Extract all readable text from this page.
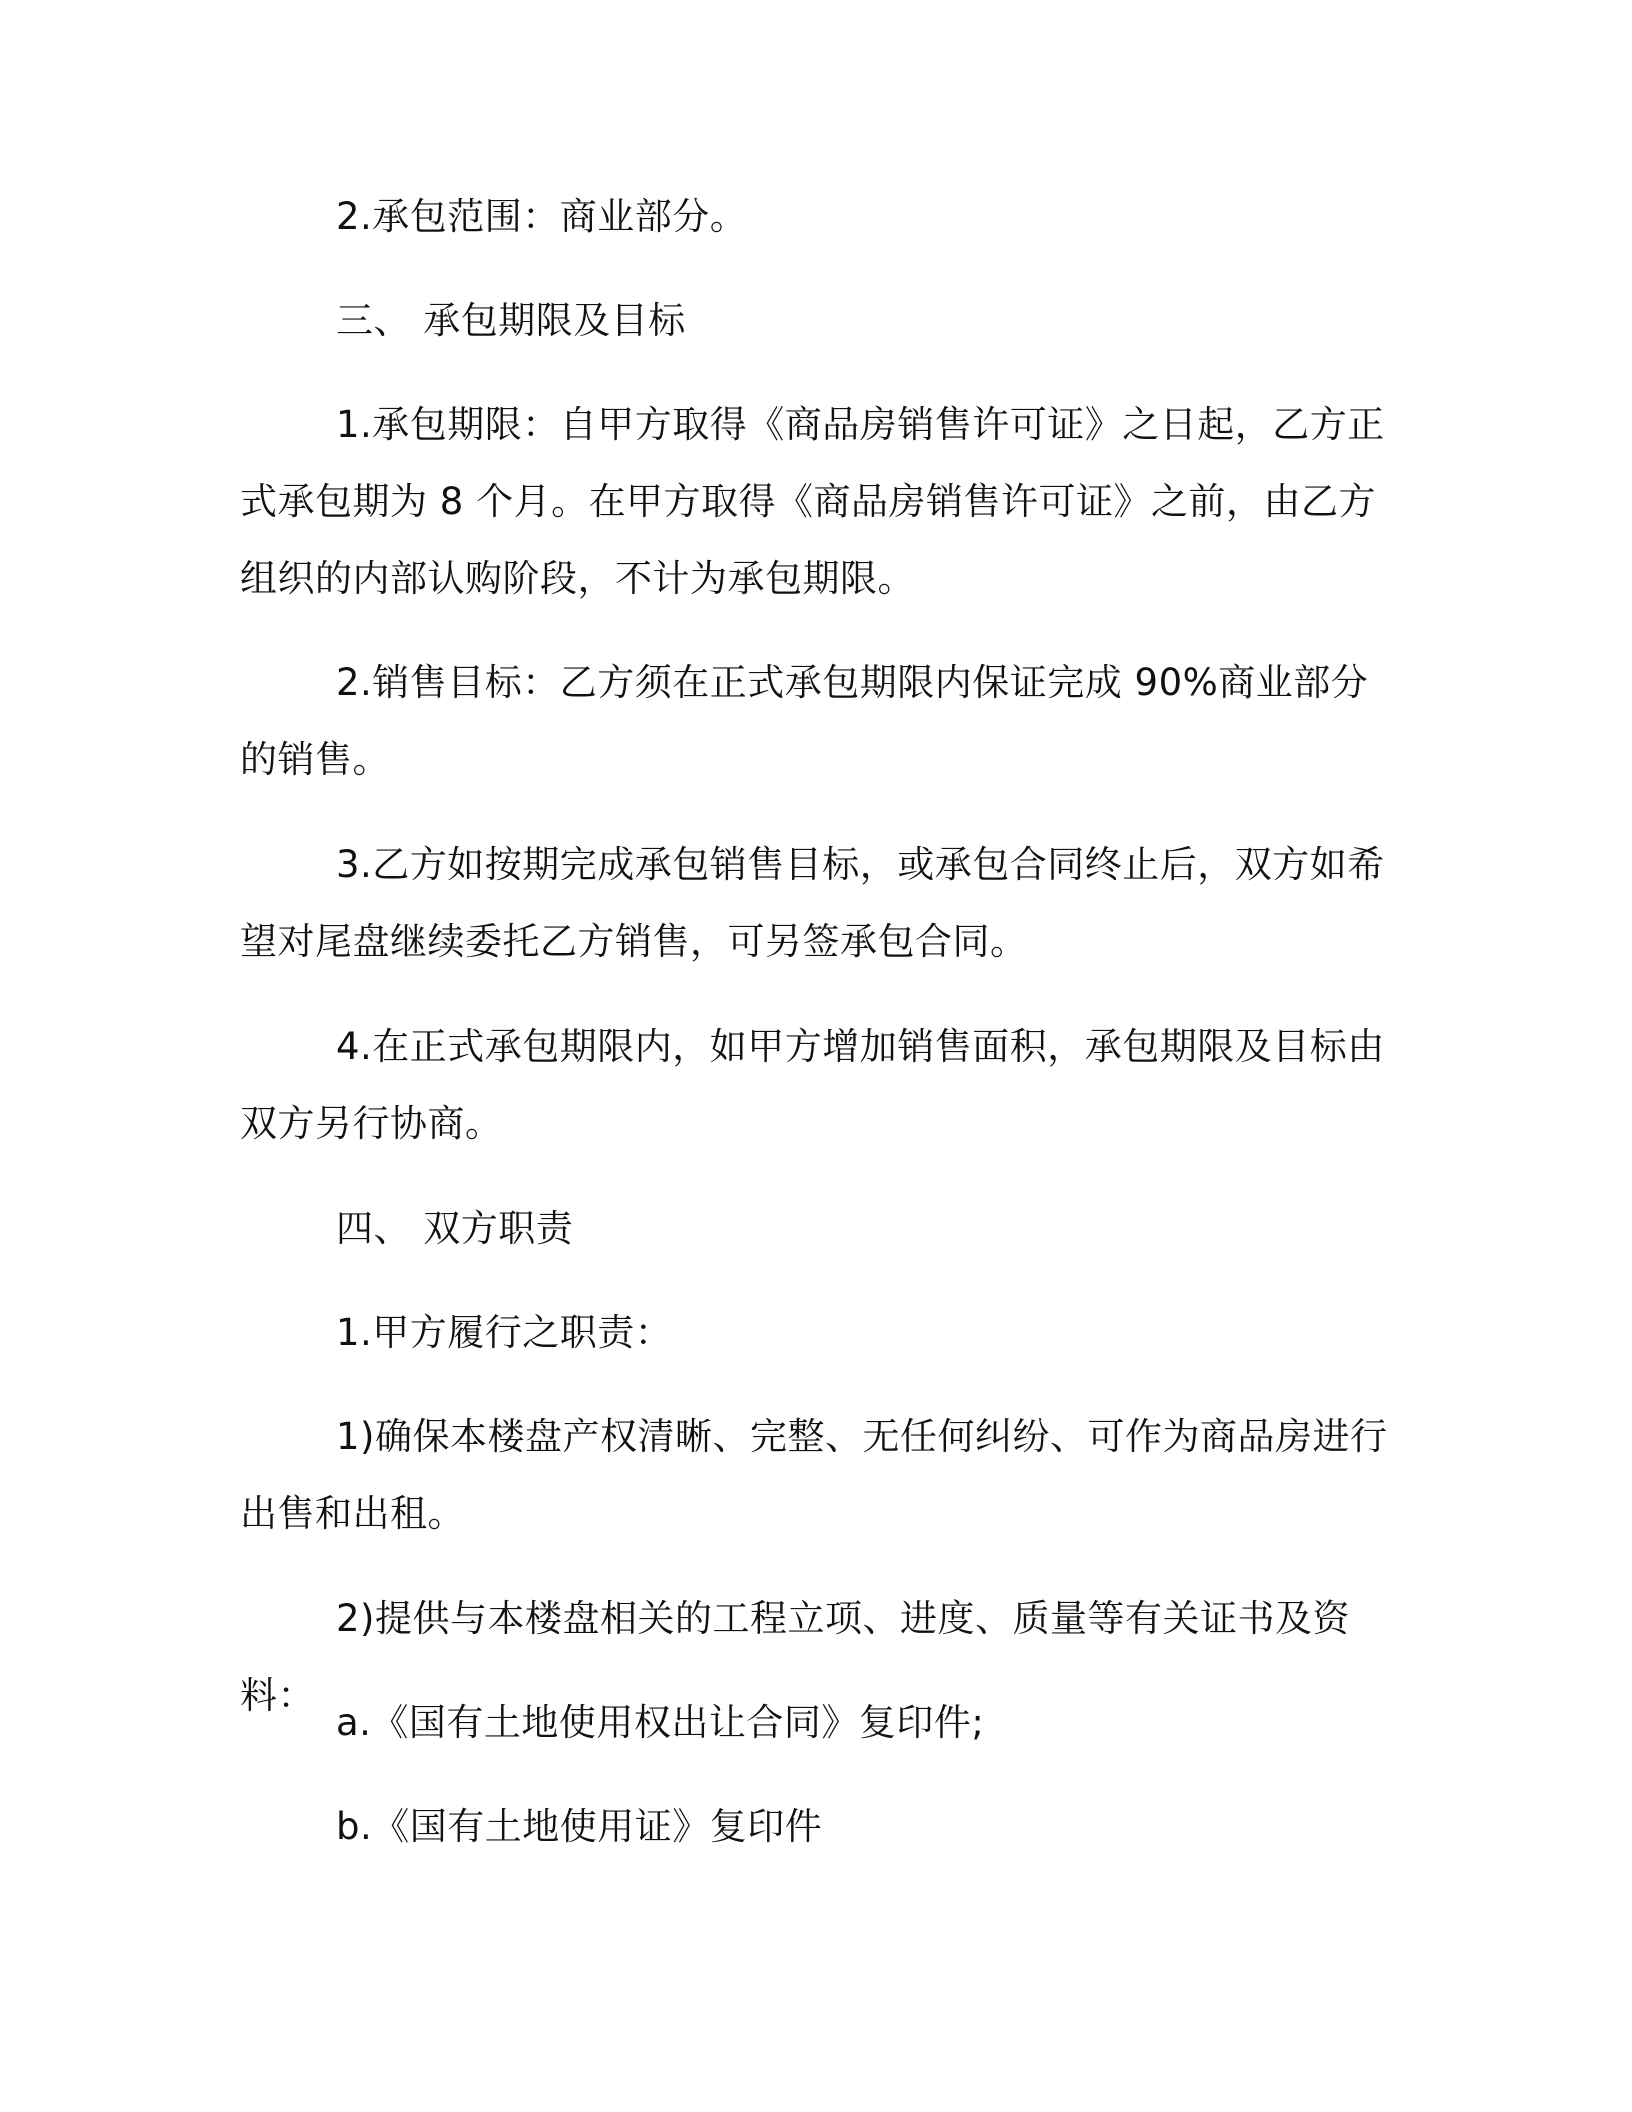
2.承包范围：商业部分。

三、 承包期限及目标

1.承包期限：自甲方取得《商品房销售许可证》之日起，乙方正式承包期为 8 个月。在甲方取得《商品房销售许可证》之前，由乙方组织的内部认购阶段，不计为承包期限。

2.销售目标：乙方须在正式承包期限内保证完成 90%商业部分的销售。

3.乙方如按期完成承包销售目标，或承包合同终止后，双方如希望对尾盘继续委托乙方销售，可另签承包合同。

4.在正式承包期限内，如甲方增加销售面积，承包期限及目标由双方另行协商。

四、 双方职责

1.甲方履行之职责：

1)确保本楼盘产权清晰、完整、无任何纠纷、可作为商品房进行出售和出租。

2)提供与本楼盘相关的工程立项、进度、质量等有关证书及资料：

a.《国有土地使用权出让合同》复印件;

b.《国有土地使用证》复印件
